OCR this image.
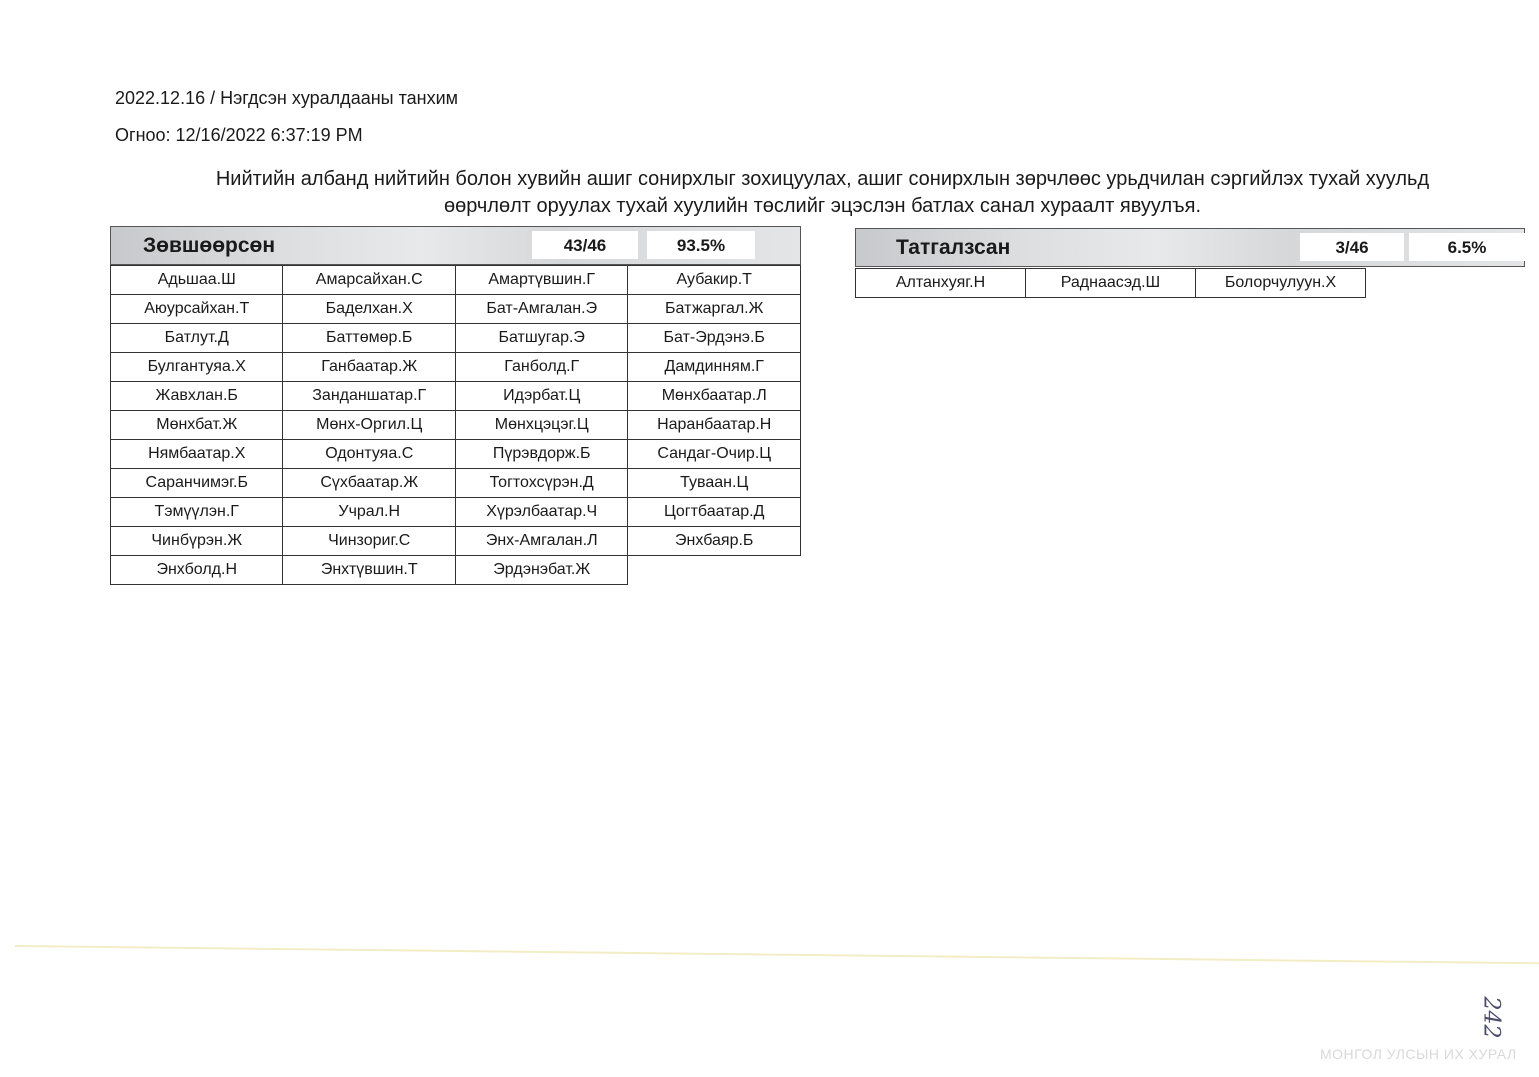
2022.12.16 / Нэгдсэн хуралдааны танхим
Огноо: 12/16/2022 6:37:19 PM
Нийтийн албанд нийтийн болон хувийн ашиг сонирхлыг зохицуулах, ашиг сонирхлын зөрчлөөс урьдчилан сэргийлэх тухай хуульд
өөрчлөлт оруулах тухай хуулийн төслийг эцэслэн батлах санал хураалт явуулъя.
Зөвшөөрсөн	43/46	93.5%
Адьшаа.Ш	Амарсайхан.С	Амартүвшин.Г	Аубакир.Т
Аюурсайхан.Т	Баделхан.Х	Бат-Амгалан.Э	Батжаргал.Ж
Батлут.Д	Баттөмөр.Б	Батшугар.Э	Бат-Эрдэнэ.Б
Булгантуяа.Х	Ганбаатар.Ж	Ганболд.Г	Дамдинням.Г
Жавхлан.Б	Занданшатар.Г	Идэрбат.Ц	Мөнхбаатар.Л
Мөнхбат.Ж	Мөнх-Оргил.Ц	Мөнхцэцэг.Ц	Наранбаатар.Н
Нямбаатар.Х	Одонтуяа.С	Пүрэвдорж.Б	Сандаг-Очир.Ц
Саранчимэг.Б	Сүхбаатар.Ж	Тогтохсүрэн.Д	Туваан.Ц
Тэмүүлэн.Г	Учрал.Н	Хүрэлбаатар.Ч	Цогтбаатар.Д
Чинбүрэн.Ж	Чинзориг.С	Энх-Амгалан.Л	Энхбаяр.Б
Энхболд.Н	Энхтүвшин.Т	Эрдэнэбат.Ж	
Татгалзсан	3/46	6.5%
Алтанхуяг.Н	Раднаасэд.Ш	Болорчулуун.Х
242
МОНГОЛ УЛСЫН ИХ ХУРАЛ
